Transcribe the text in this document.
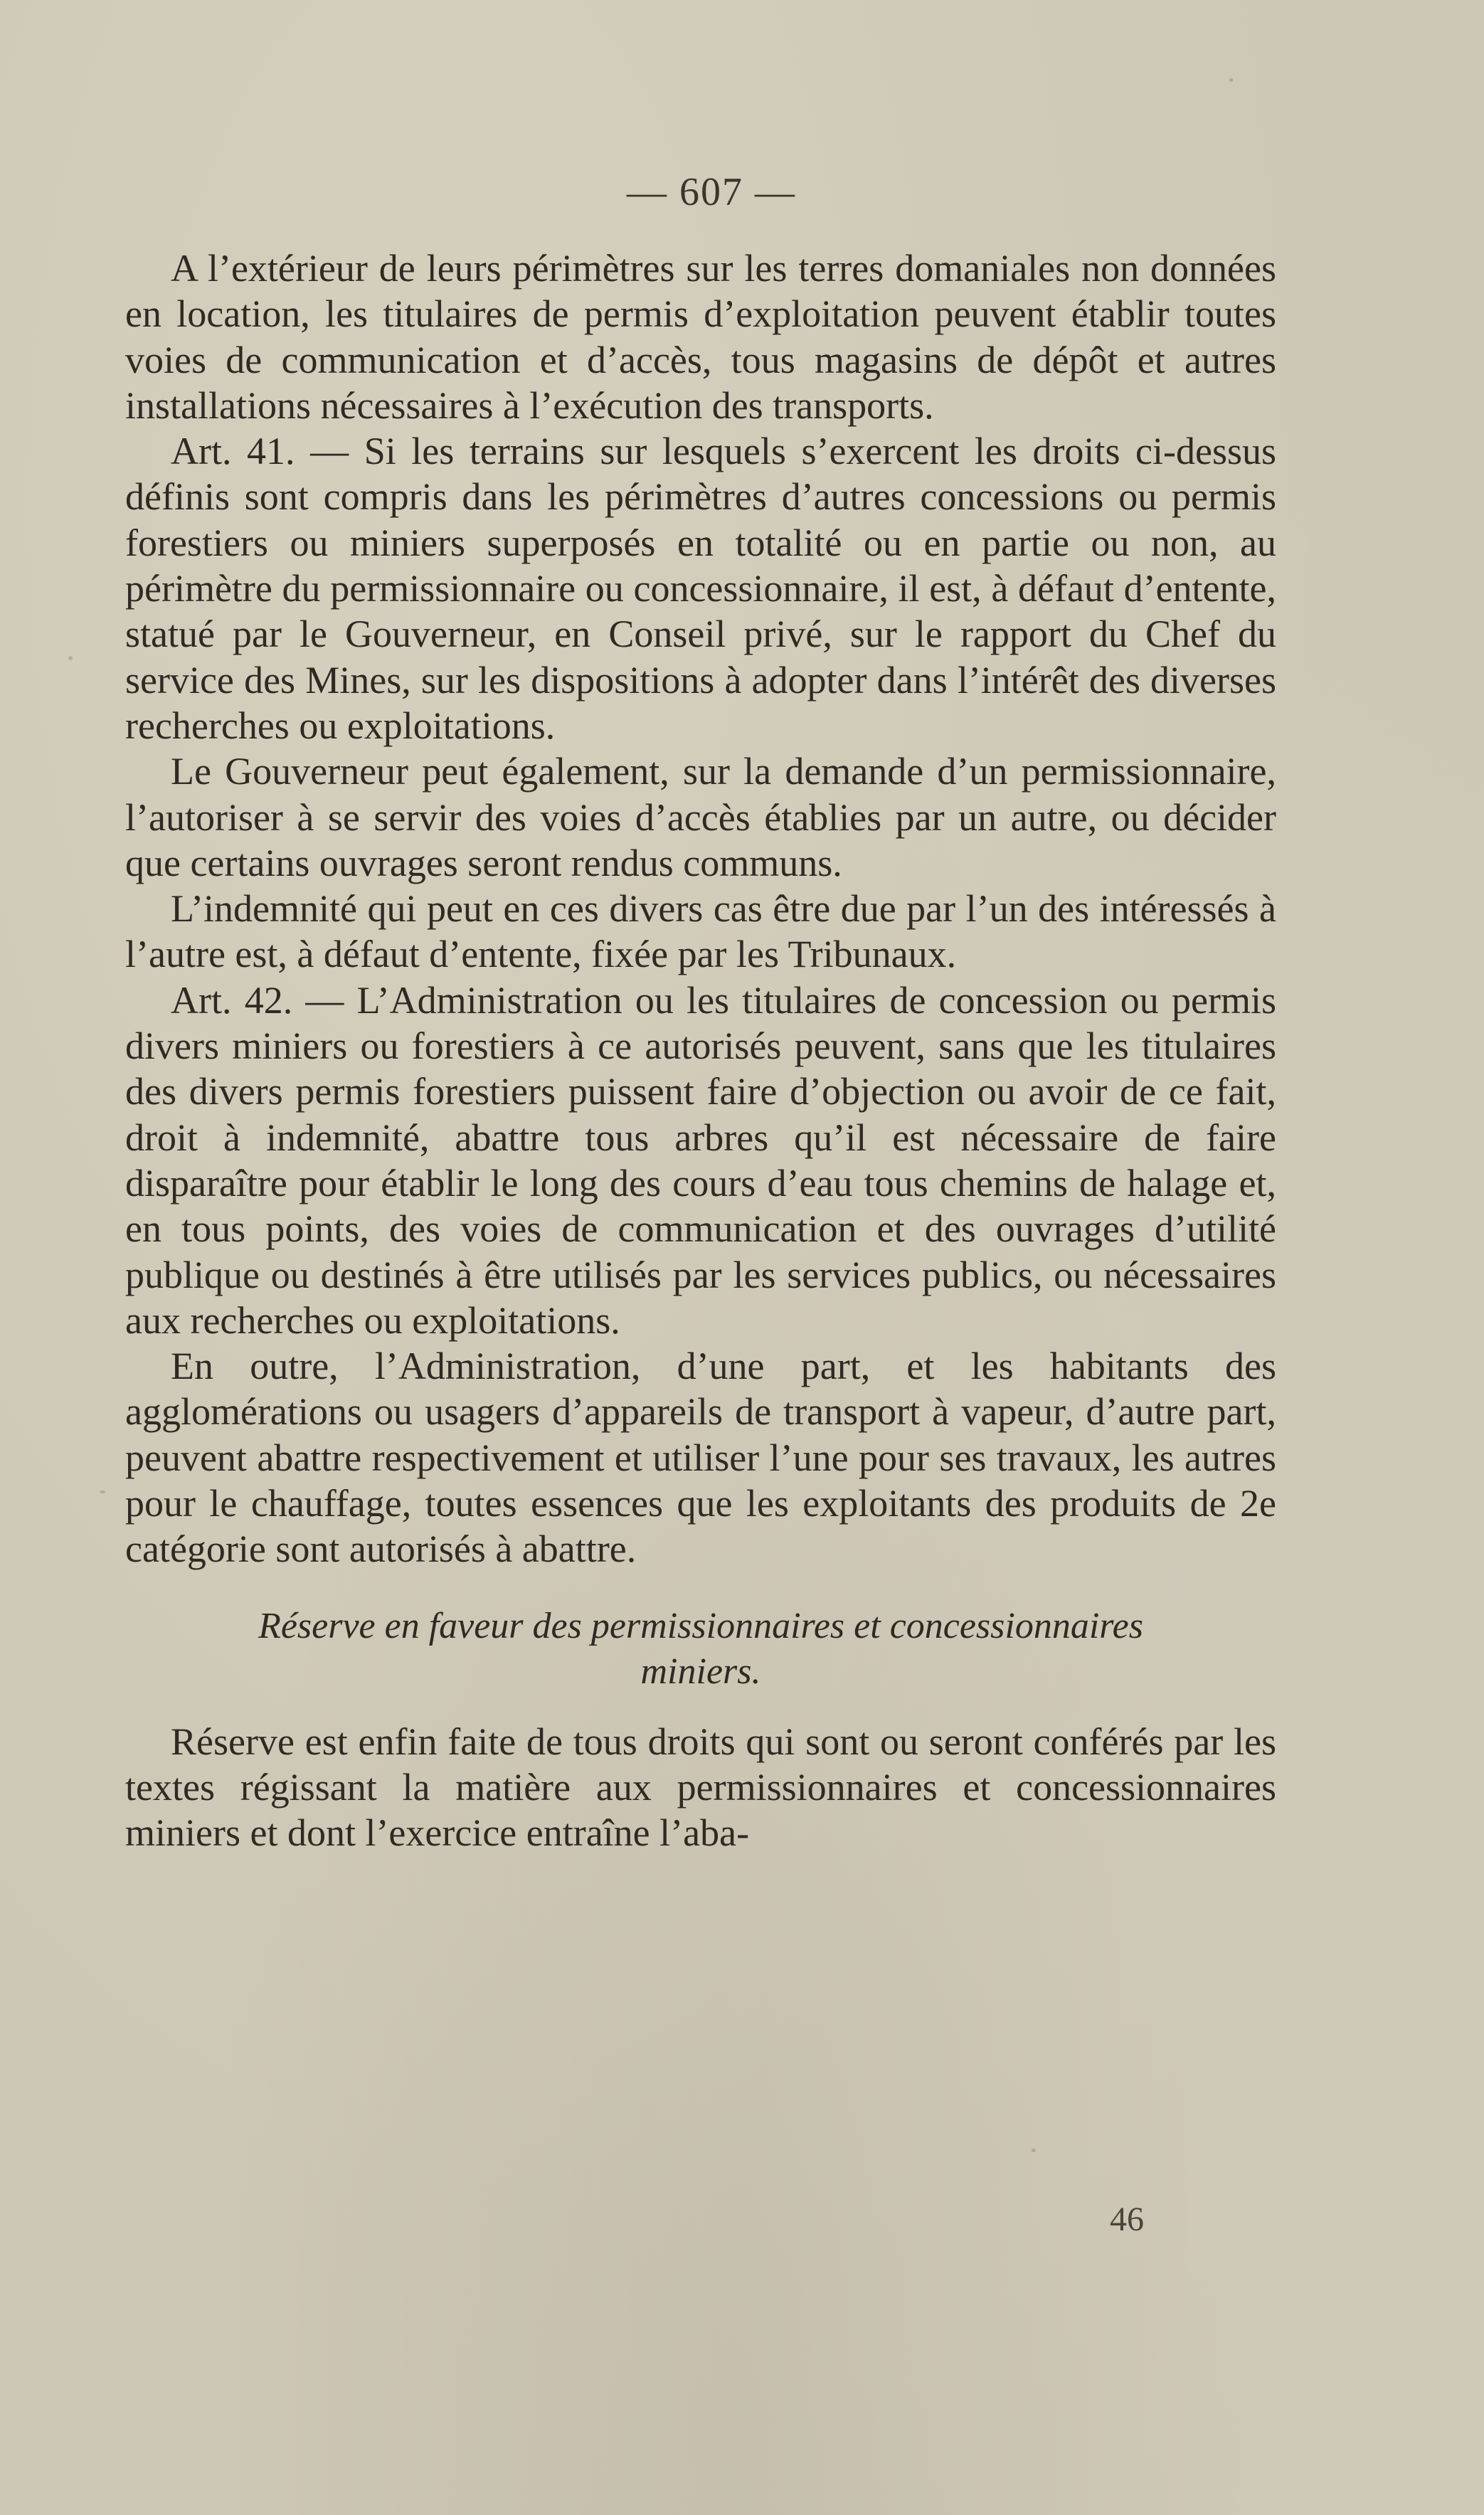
— 607 —

A l’extérieur de leurs périmètres sur les terres domaniales non données en location, les titulaires de permis d’exploitation peuvent établir toutes voies de communication et d’accès, tous magasins de dépôt et autres installations nécessaires à l’exécution des transports.

Art. 41. — Si les terrains sur lesquels s’exercent les droits ci-dessus définis sont compris dans les périmètres d’autres concessions ou permis forestiers ou miniers superposés en totalité ou en partie ou non, au périmètre du permissionnaire ou concessionnaire, il est, à défaut d’entente, statué par le Gouverneur, en Conseil privé, sur le rapport du Chef du service des Mines, sur les dispositions à adopter dans l’intérêt des diverses recherches ou exploitations.

Le Gouverneur peut également, sur la demande d’un permissionnaire, l’autoriser à se servir des voies d’accès établies par un autre, ou décider que certains ouvrages seront rendus communs.

L’indemnité qui peut en ces divers cas être due par l’un des intéressés à l’autre est, à défaut d’entente, fixée par les Tribunaux.

Art. 42. — L’Administration ou les titulaires de concession ou permis divers miniers ou forestiers à ce autorisés peuvent, sans que les titulaires des divers permis forestiers puissent faire d’objection ou avoir de ce fait, droit à indemnité, abattre tous arbres qu’il est nécessaire de faire disparaître pour établir le long des cours d’eau tous chemins de halage et, en tous points, des voies de communication et des ouvrages d’utilité publique ou destinés à être utilisés par les services publics, ou nécessaires aux recherches ou exploitations.

En outre, l’Administration, d’une part, et les habitants des agglomérations ou usagers d’appareils de transport à vapeur, d’autre part, peuvent abattre respectivement et utiliser l’une pour ses travaux, les autres pour le chauffage, toutes essences que les exploitants des produits de 2e catégorie sont autorisés à abattre.

Réserve en faveur des permissionnaires et concessionnaires
miniers.

Réserve est enfin faite de tous droits qui sont ou seront conférés par les textes régissant la matière aux permissionnaires et concessionnaires miniers et dont l’exercice entraîne l’aba-

46
